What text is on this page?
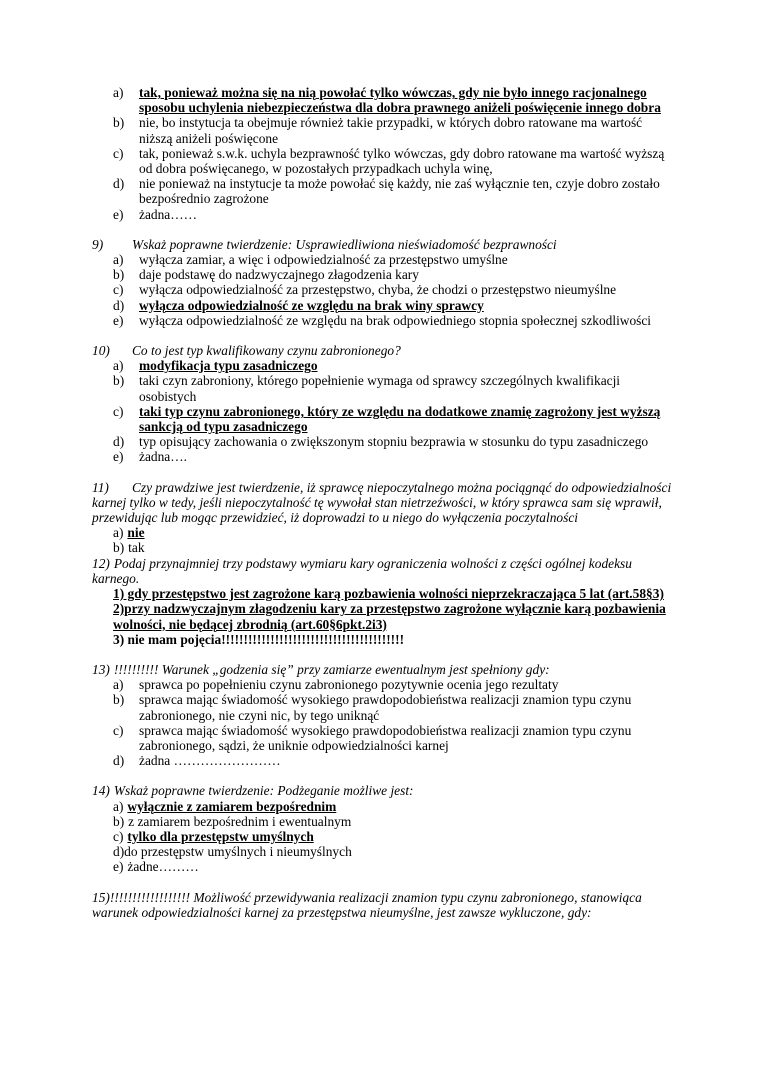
a)	tak, ponieważ można się na nią powołać tylko wówczas, gdy nie było innego racjonalnego sposobu uchylenia niebezpieczeństwa dla dobra prawnego aniżeli poświęcenie innego dobra
b)	nie, bo instytucja ta obejmuje również takie przypadki, w których dobro ratowane ma wartość niższą aniżeli poświęcone
c)	tak, ponieważ s.w.k. uchyla bezprawność tylko wówczas, gdy dobro ratowane ma wartość wyższą od dobra poświęcanego, w pozostałych przypadkach uchyla winę,
d)	nie ponieważ na instytucje ta może powołać się każdy, nie zaś wyłącznie ten, czyje dobro zostało bezpośrednio zagrożone
e)	żadna……
9) Wskaż poprawne twierdzenie: Usprawiedliwiona nieświadomość bezprawności
a)	wyłącza zamiar, a więc i odpowiedzialność za przestępstwo umyślne
b)	daje podstawę do nadzwyczajnego złagodzenia kary
c)	wyłącza odpowiedzialność za przestępstwo, chyba, że chodzi o przestępstwo nieumyślne
d)	wyłącza odpowiedzialność ze względu na brak winy sprawcy
e)	wyłącza odpowiedzialność ze względu na brak odpowiedniego stopnia społecznej szkodliwości
10) Co to jest typ kwalifikowany czynu zabronionego?
a)	modyfikacja typu zasadniczego
b)	taki czyn zabroniony, którego popełnienie wymaga od sprawcy szczególnych kwalifikacji osobistych
c)	taki typ czynu zabronionego, który ze względu na dodatkowe znamię zagrożony jest wyższą sankcją od typu zasadniczego
d)	typ opisujący zachowania o zwiększonym stopniu bezprawia w stosunku do typu zasadniczego
e)	żadna….
11) Czy prawdziwe jest twierdzenie, iż sprawcę niepoczytalnego można pociągnąć do odpowiedzialności karnej tylko w tedy, jeśli niepoczytalność tę wywołał stan nietrzeźwości, w który sprawca sam się wprawił, przewidując lub mogąc przewidzieć, iż doprowadzi to u niego do wyłączenia poczytalności
a) nie
b) tak
12) Podaj przynajmniej trzy podstawy wymiaru kary ograniczenia wolności z części ogólnej kodeksu karnego.
1) gdy przestępstwo jest zagrożone karą pozbawienia wolności nieprzekraczająca 5 lat (art.58§3)
2)przy nadzwyczajnym złagodzeniu kary za przestępstwo zagrożone wyłącznie karą pozbawienia wolności, nie będącej zbrodnią (art.60§6pkt.2i3)
3) nie mam pojęcia!!!!!!!!!!!!!!!!!!!!!!!!!!!!!!!!!!!!!!!!!
13) !!!!!!!!!! Warunek „godzenia się” przy zamiarze ewentualnym jest spełniony gdy:
a)	sprawca po popełnieniu czynu zabronionego pozytywnie ocenia jego rezultaty
b)	sprawca mając świadomość wysokiego prawdopodobieństwa realizacji znamion typu czynu zabronionego, nie czyni nic, by tego uniknąć
c)	sprawca mając świadomość wysokiego prawdopodobieństwa realizacji znamion typu czynu zabronionego, sądzi, że uniknie odpowiedzialności karnej
d)	żadna ……………………
14) Wskaż poprawne twierdzenie: Podżeganie możliwe jest:
a) wyłącznie z zamiarem bezpośrednim
b) z zamiarem bezpośrednim i ewentualnym
c) tylko dla przestępstw umyślnych
d)do przestępstw umyślnych i nieumyślnych
e) żadne………
15)!!!!!!!!!!!!!!!!!! Możliwość przewidywania realizacji znamion typu czynu zabronionego, stanowiąca warunek odpowiedzialności karnej za przestępstwa nieumyślne, jest zawsze wykluczone, gdy:
